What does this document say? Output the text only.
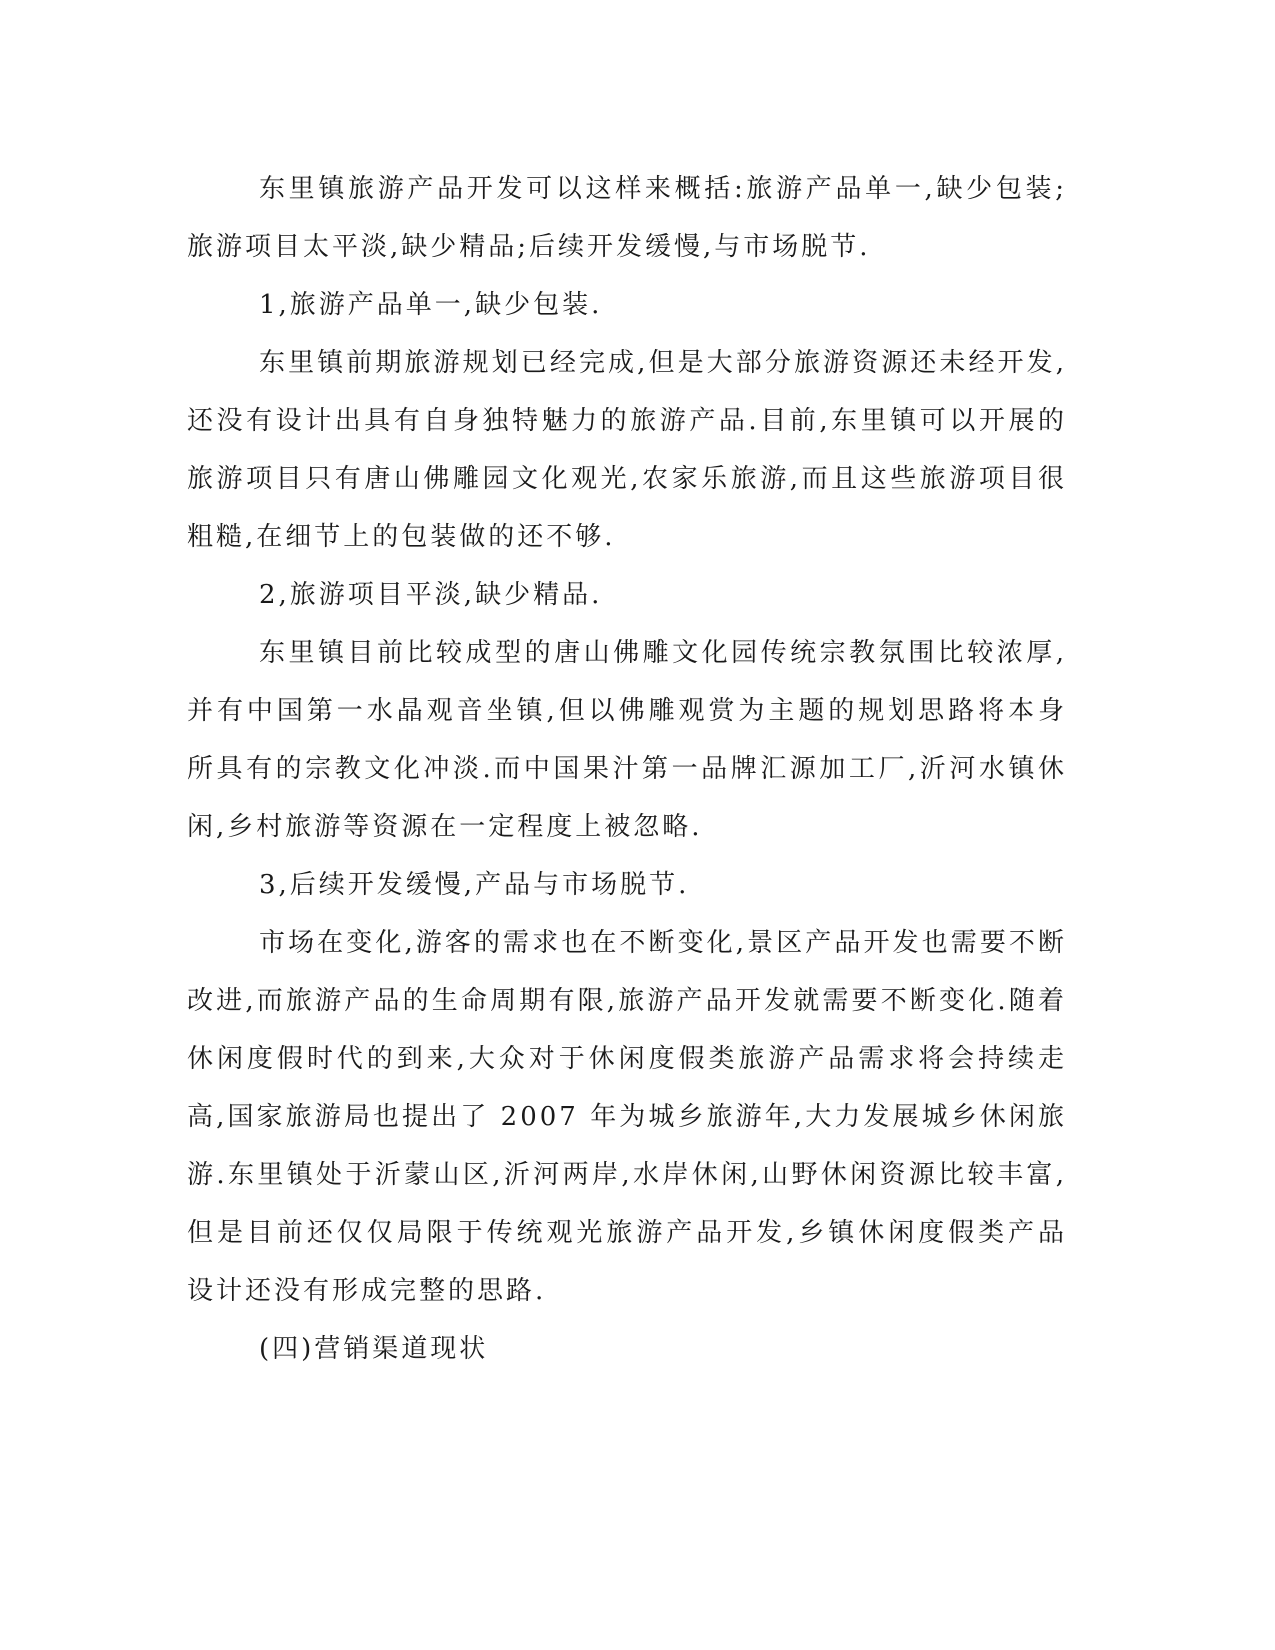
东里镇旅游产品开发可以这样来概括:旅游产品单一,缺少包装;旅游项目太平淡,缺少精品;后续开发缓慢,与市场脱节.

1,旅游产品单一,缺少包装.

东里镇前期旅游规划已经完成,但是大部分旅游资源还未经开发,还没有设计出具有自身独特魅力的旅游产品.目前,东里镇可以开展的旅游项目只有唐山佛雕园文化观光,农家乐旅游,而且这些旅游项目很粗糙,在细节上的包装做的还不够.

2,旅游项目平淡,缺少精品.

东里镇目前比较成型的唐山佛雕文化园传统宗教氛围比较浓厚,并有中国第一水晶观音坐镇,但以佛雕观赏为主题的规划思路将本身所具有的宗教文化冲淡.而中国果汁第一品牌汇源加工厂,沂河水镇休闲,乡村旅游等资源在一定程度上被忽略.

3,后续开发缓慢,产品与市场脱节.

市场在变化,游客的需求也在不断变化,景区产品开发也需要不断改进,而旅游产品的生命周期有限,旅游产品开发就需要不断变化.随着休闲度假时代的到来,大众对于休闲度假类旅游产品需求将会持续走高,国家旅游局也提出了 2007 年为城乡旅游年,大力发展城乡休闲旅游.东里镇处于沂蒙山区,沂河两岸,水岸休闲,山野休闲资源比较丰富,但是目前还仅仅局限于传统观光旅游产品开发,乡镇休闲度假类产品设计还没有形成完整的思路.

(四)营销渠道现状
